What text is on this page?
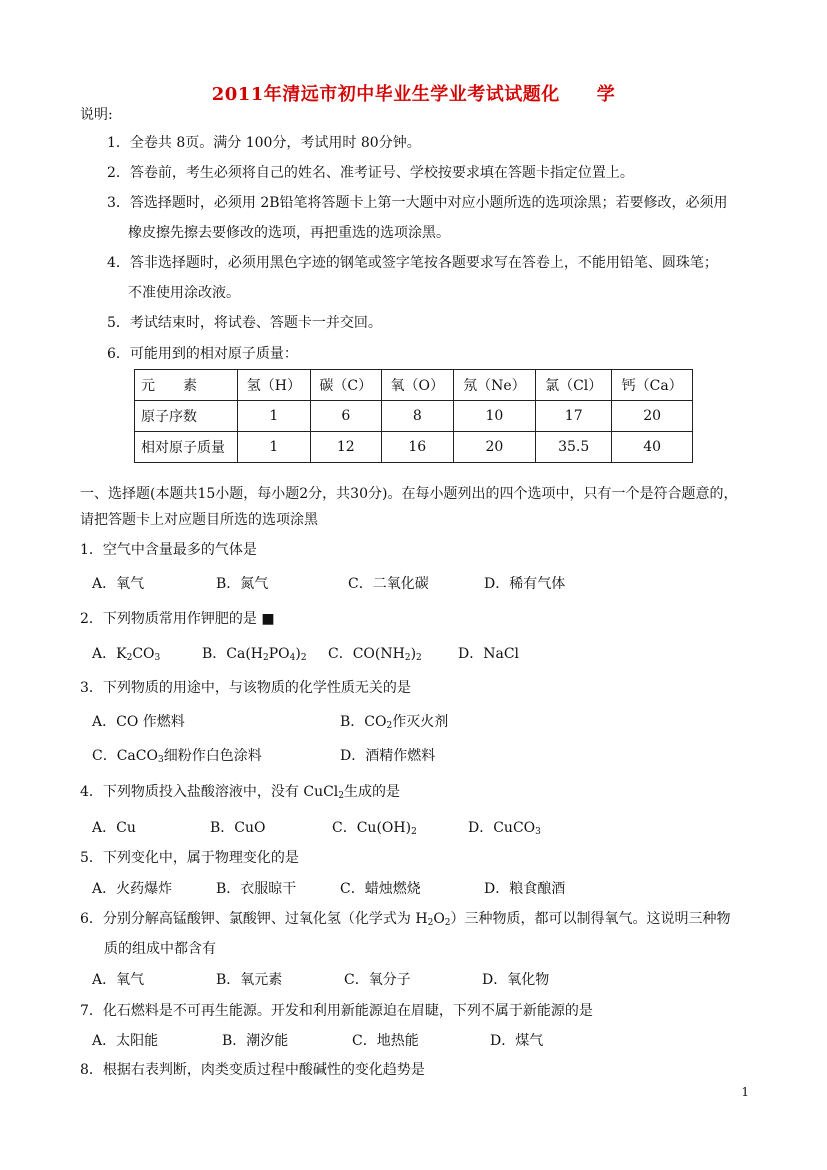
2011年清远市初中毕业生学业考试试题化　　学
说明:
1．全卷共 8页。满分 100分，考试用时 80分钟。
2．答卷前，考生必须将自己的姓名、准考证号、学校按要求填在答题卡指定位置上。
3．答选择题时，必须用 2B铅笔将答题卡上第一大题中对应小题所选的选项涂黑；若要修改，必须用
橡皮擦先擦去要修改的选项，再把重选的选项涂黑。
4．答非选择题时，必须用黑色字迹的钢笔或签字笔按各题要求写在答卷上，不能用铅笔、圆珠笔；
不准使用涂改液。
5．考试结束时，将试卷、答题卡一并交回。
6．可能用到的相对原子质量：
元　　素	氢（H）	碳（C）	氧（O）	氖（Ne）	氯（Cl）	钙（Ca）
原子序数	1	6	8	10	17	20
相对原子质量	1	12	16	20	35.5	40
一、选择题(本题共15小题，每小题2分，共30分)。在每小题列出的四个选项中，只有一个是符合题意的，
请把答题卡上对应题目所选的选项涂黑
1．空气中含量最多的气体是
A．氧气	B．氮气	C．二氧化碳	D．稀有气体
2．下列物质常用作钾肥的是 ■
A．$K_2CO_3$	B．$Ca(H_2PO_4)_2$ C．$CO(NH_2)_2$	D．NaCl
3．下列物质的用途中，与该物质的化学性质无关的是
A．CO 作燃料	B．$CO_2$作灭火剂
C．CaCO$_3$细粉作白色涂料	D．酒精作燃料
4．下列物质投入盐酸溶液中，没有 CuCl$_2$生成的是
A．Cu	B．CuO	C．$Cu(OH)_2$	D．CuCO$_3$
5．下列变化中，属于物理变化的是
A．火药爆炸	B．衣服晾干	C．蜡烛燃烧	D．粮食酿酒
6．分别分解高锰酸钾、氯酸钾、过氧化氢（化学式为 $H_2O_2$）三种物质，都可以制得氧气。这说明三种物
质的组成中都含有
A．氧气	B．氧元素	C．氧分子	D．氧化物
7．化石燃料是不可再生能源。开发和利用新能源迫在眉睫，下列不属于新能源的是
A．太阳能	B．潮汐能	C．地热能	D．煤气
8．根据右表判断，肉类变质过程中酸碱性的变化趋势是
1
